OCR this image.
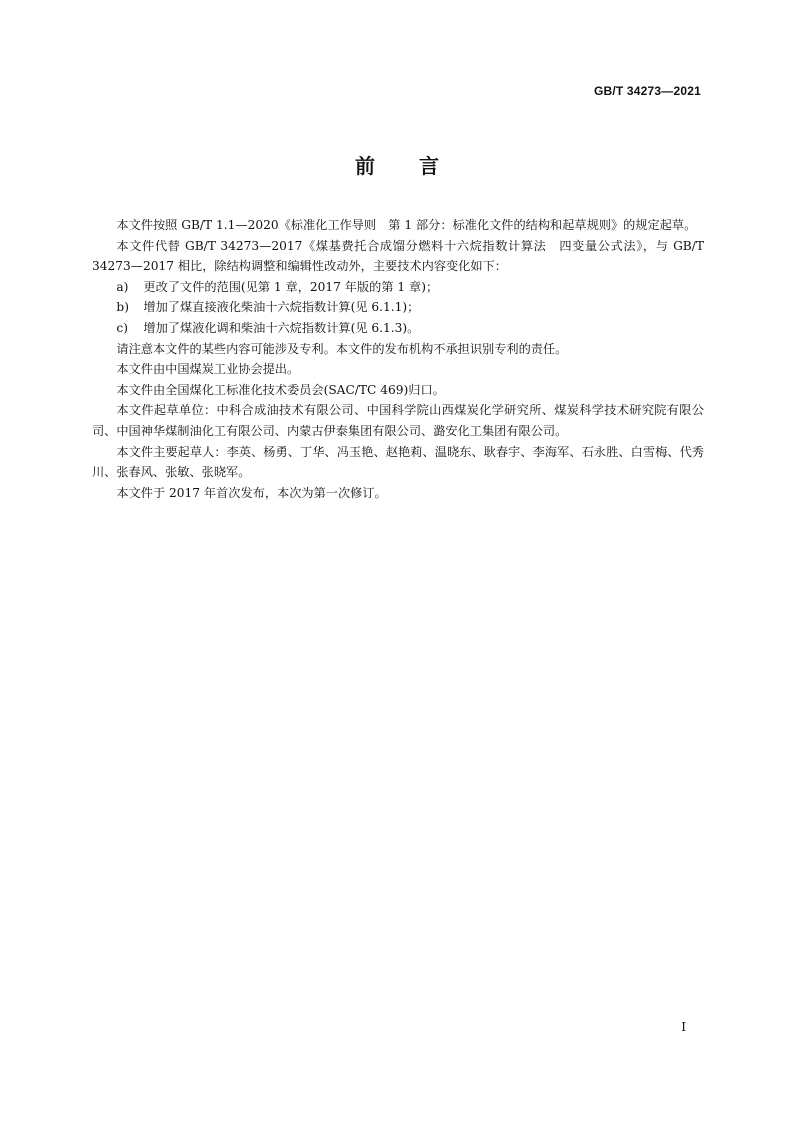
GB/T 34273—2021
前 言

本文件按照 GB/T 1.1—2020《标准化工作导则　第 1 部分：标准化文件的结构和起草规则》的规定起草。

本文件代替 GB/T 34273—2017《煤基费托合成馏分燃料十六烷指数计算法　四变量公式法》，与 GB/T 34273—2017 相比，除结构调整和编辑性改动外，主要技术内容变化如下：

a) 更改了文件的范围(见第 1 章，2017 年版的第 1 章)；

b) 增加了煤直接液化柴油十六烷指数计算(见 6.1.1)；

c) 增加了煤液化调和柴油十六烷指数计算(见 6.1.3)。

请注意本文件的某些内容可能涉及专利。本文件的发布机构不承担识别专利的责任。

本文件由中国煤炭工业协会提出。

本文件由全国煤化工标准化技术委员会(SAC/TC 469)归口。

本文件起草单位：中科合成油技术有限公司、中国科学院山西煤炭化学研究所、煤炭科学技术研究院有限公司、中国神华煤制油化工有限公司、内蒙古伊泰集团有限公司、潞安化工集团有限公司。

本文件主要起草人：李英、杨勇、丁华、冯玉艳、赵艳莉、温晓东、耿春宇、李海军、石永胜、白雪梅、代秀川、张春风、张敏、张晓军。

本文件于 2017 年首次发布，本次为第一次修订。

I
